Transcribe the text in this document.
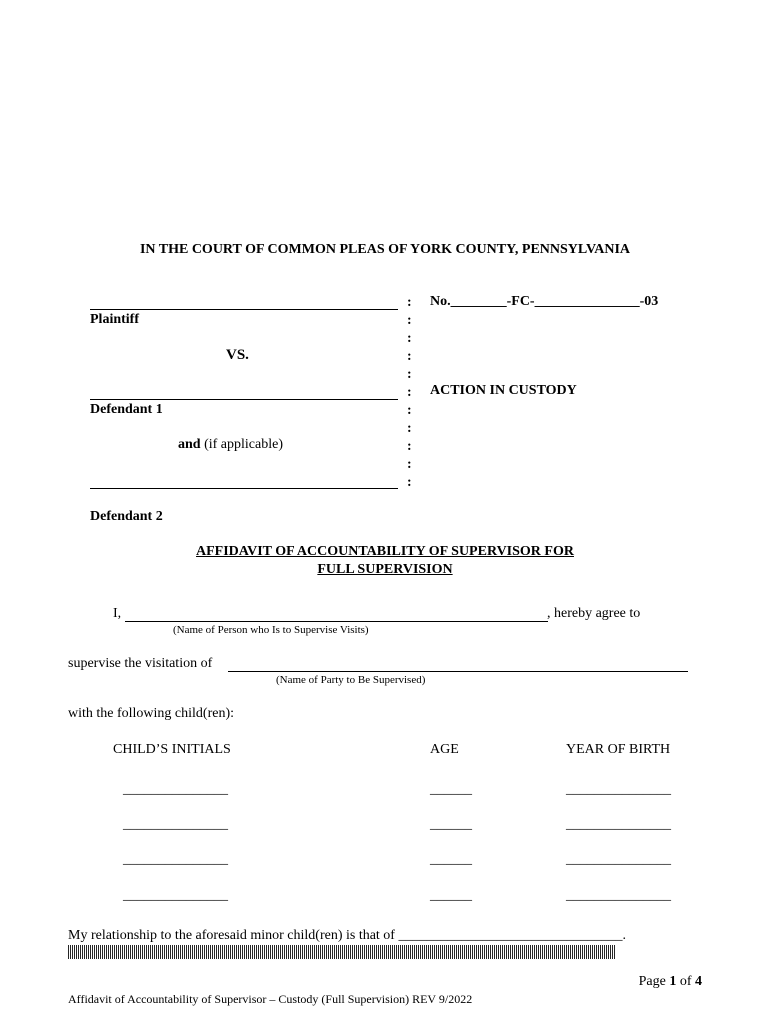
IN THE COURT OF COMMON PLEAS OF YORK COUNTY, PENNSYLVANIA
Plaintiff
VS.
Defendant 1
and (if applicable)
Defendant 2
:
:
:
:
:
:
:
:
:
:
:
No.________-FC-_______________-03
ACTION IN CUSTODY
AFFIDAVIT OF ACCOUNTABILITY OF SUPERVISOR FOR
FULL SUPERVISION
I,	, hereby agree to
(Name of Person who Is to Supervise Visits)
supervise the visitation of
(Name of Party to Be Supervised)
with the following child(ren):
CHILD’S INITIALS	AGE	YEAR OF BIRTH
_______________	______	_______________
_______________	______	_______________
_______________	______	_______________
_______________	______	_______________
My relationship to the aforesaid minor child(ren) is that of ________________________________.
Page 1 of 4
Affidavit of Accountability of Supervisor – Custody (Full Supervision) REV 9/2022
